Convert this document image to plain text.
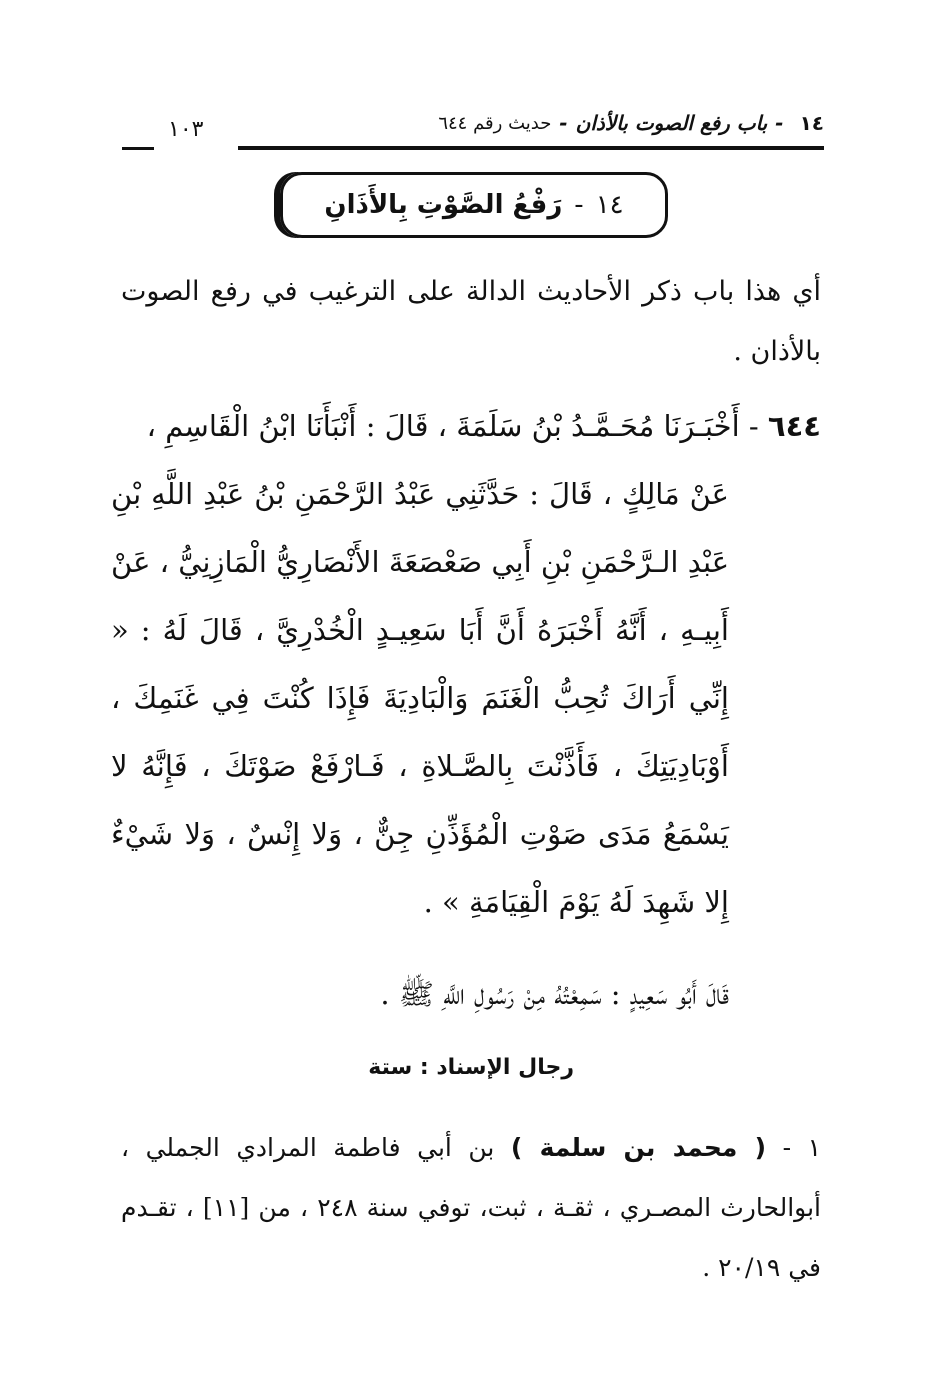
١٤
-
باب رفع الصوت بالأذان
-
حديث رقم ٦٤٤
١٠٣
١٤
-
رَفْعُ الصَّوْتِ بِالأَذَانِ
أي هذا باب ذكر الأحاديث الدالة على الترغيب في رفع الصوت بالأذان .
٦٤٤ - أَخْبَـرَنَا مُحَـمَّـدُ بْنُ سَلَمَةَ ، قَالَ : أَنْبَأَنَا ابْنُ الْقَاسِمِ ،
عَنْ مَالِكٍ ، قَالَ : حَدَّثَنِي عَبْدُ الرَّحْمَنِ بْنُ عَبْدِ اللَّهِ بْنِ عَبْدِ الـرَّحْمَنِ بْنِ أَبِي صَعْصَعَةَ الأَنْصَارِيُّ الْمَازِنِيُّ ، عَنْ أَبِيـهِ ، أَنَّهُ أَخْبَرَهُ أَنَّ أَبَا سَعِيـدٍ الْخُدْرِيَّ ، قَالَ لَهُ : « إِنِّي أَرَاكَ تُحِبُّ الْغَنَمَ وَالْبَادِيَةَ فَإِذَا كُنْتَ فِي غَنَمِكَ ، أَوْبَادِيَتِكَ ، فَأَذَّنْتَ بِالصَّـلاةِ ، فَـارْفَعْ صَوْتَكَ ، فَإِنَّهُ لا يَسْمَعُ مَدَى صَوْتِ الْمُؤَذِّنِ جِنٌّ ، وَلا إِنْسٌ ، وَلا شَيْءٌ إِلا شَهِدَ لَهُ يَوْمَ الْقِيَامَةِ » .
قَالَ أَبُو سَعِيدٍ : سَمِعْتُهُ مِنْ رَسُولِ اللَّهِ ﷺ .
رجال الإسناد : ستة
١ - ( محمد بن سلمة ) بن أبي فاطمة المرادي الجملي ، أبوالحارث المصـري ، ثقـة ، ثبت، توفي سنة ٢٤٨ ، من [١١] ، تقـدم في ٢٠/١٩ .
